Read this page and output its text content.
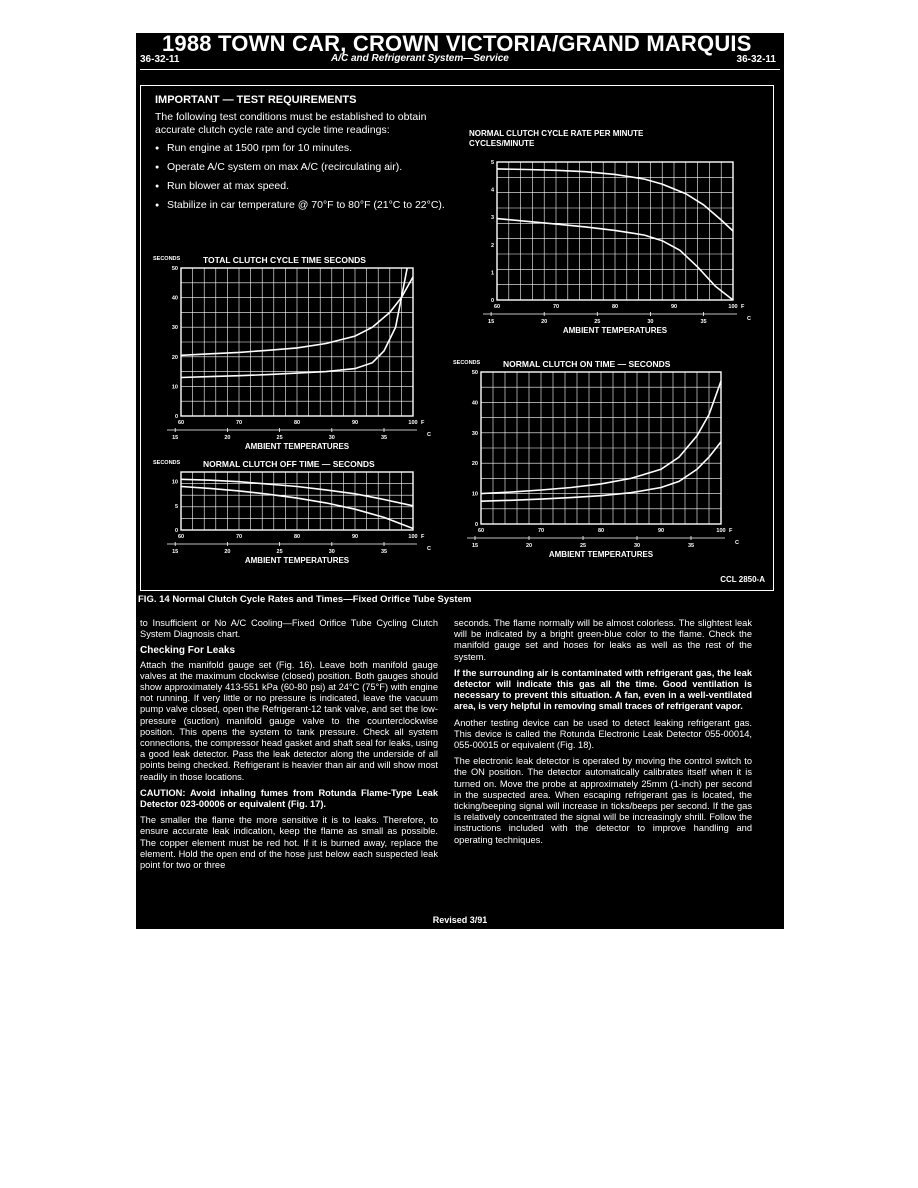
1988 TOWN CAR, CROWN VICTORIA/GRAND MARQUIS
36-32-11	A/C and Refrigerant System—Service	36-32-11
IMPORTANT — TEST REQUIREMENTS

The following test conditions must be established to obtain accurate clutch cycle rate and cycle time readings:

● Run engine at 1500 rpm for 10 minutes.
● Operate A/C system on max A/C (recirculating air).
● Run blower at max speed.
● Stabilize in car temperature @ 70°F to 80°F (21°C to 22°C).
NORMAL CLUTCH CYCLE RATE PER MINUTE
CYCLES/MINUTE
0
1
2
3
4
5
60	70	80	90	100 F
15	20	25	30	35	C
AMBIENT TEMPERATURES
SECONDS	TOTAL CLUTCH CYCLE TIME SECONDS
0
10
20
30
40
50
60	70	80	90	100 F
15	20	25	30	35	C
AMBIENT TEMPERATURES
SECONDS	NORMAL CLUTCH OFF TIME — SECONDS
0
5
10
60	70	80	90	100 F
15	20	25	30	35	C
AMBIENT TEMPERATURES
SECONDS	NORMAL CLUTCH ON TIME — SECONDS
0
10
20
30
40
50
60	70	80	90	100 F
15	20	25	30	35	C
AMBIENT TEMPERATURES
CCL 2850-A
FIG. 14 Normal Clutch Cycle Rates and Times—Fixed Orifice Tube System

to Insufficient or No A/C Cooling—Fixed Orifice Tube Cycling Clutch System Diagnosis chart.

Checking For Leaks

Attach the manifold gauge set (Fig. 16). Leave both manifold gauge valves at the maximum clockwise (closed) position. Both gauges should show approximately 413-551 kPa (60-80 psi) at 24°C (75°F) with engine not running. If very little or no pressure is indicated, leave the vacuum pump valve closed, open the Refrigerant-12 tank valve, and set the low-pressure (suction) manifold gauge valve to the counterclockwise position. This opens the system to tank pressure. Check all system connections, the compressor head gasket and shaft seal for leaks, using a good leak detector. Pass the leak detector along the underside of all points being checked. Refrigerant is heavier than air and will show most readily in those locations.

CAUTION: Avoid inhaling fumes from Rotunda Flame-Type Leak Detector 023-00006 or equivalent (Fig. 17).

The smaller the flame the more sensitive it is to leaks. Therefore, to ensure accurate leak indication, keep the flame as small as possible. The copper element must be red hot. If it is burned away, replace the element. Hold the open end of the hose just below each suspected leak point for two or three

seconds. The flame normally will be almost colorless. The slightest leak will be indicated by a bright green-blue color to the flame. Check the manifold gauge set and hoses for leaks as well as the rest of the system.

If the surrounding air is contaminated with refrigerant gas, the leak detector will indicate this gas all the time. Good ventilation is necessary to prevent this situation. A fan, even in a well-ventilated area, is very helpful in removing small traces of refrigerant vapor.

Another testing device can be used to detect leaking refrigerant gas. This device is called the Rotunda Electronic Leak Detector 055-00014, 055-00015 or equivalent (Fig. 18).

The electronic leak detector is operated by moving the control switch to the ON position. The detector automatically calibrates itself when it is turned on. Move the probe at approximately 25mm (1-inch) per second in the suspected area. When escaping refrigerant gas is located, the ticking/beeping signal will increase in ticks/beeps per second. If the gas is relatively concentrated the signal will be increasingly shrill. Follow the instructions included with the detector to improve handling and operating techniques.

Revised 3/91
